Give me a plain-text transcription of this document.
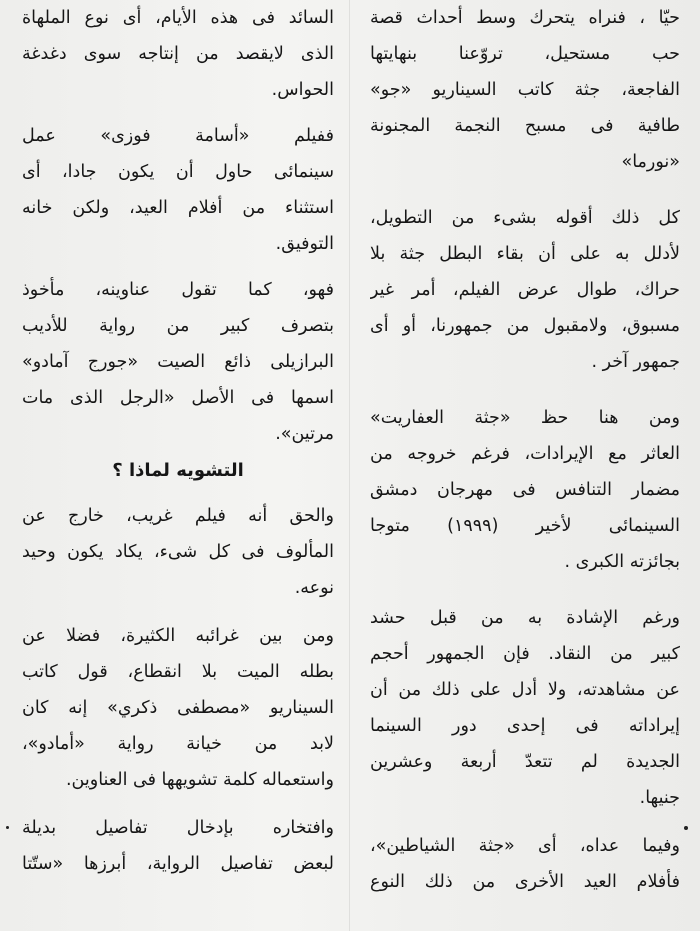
حيّا ، فنراه يتحرك وسط أحداث قصة
حب مستحيل، تروّعنا بنهايتها
الفاجعة، جثة كاتب السيناريو «جو»
طافية فى مسبح النجمة المجنونة
«نورما»
كل ذلك أقوله بشىء من التطويل،
لأدلل به على أن بقاء البطل جثة بلا
حراك، طوال عرض الفيلم، أمر غير
مسبوق، ولامقبول من جمهورنا، أو أى
جمهور آخر .
ومن هنا حظ «جثة العفاريت»
العاثر مع الإيرادات، فرغم خروجه من
مضمار التنافس فى مهرجان دمشق
السينمائى لأخير (١٩٩٩) متوجا
بجائزته الكبرى .
ورغم الإشادة به من قبل حشد
كبير من النقاد. فإن الجمهور أحجم
عن مشاهدته، ولا أدل على ذلك من أن
إيراداته فى إحدى دور السينما
الجديدة لم تتعدّ أربعة وعشرين
جنيها.
وفيما عداه، أى «جثة الشياطين»،
فأفلام العيد الأخرى من ذلك النوع
السائد فى هذه الأيام، أى نوع الملهاة
الذى لايقصد من إنتاجه سوى دغدغة
الحواس.
ففيلم «أسامة فوزى» عمل
سينمائى حاول أن يكون جادا، أى
استثناء من أفلام العيد، ولكن خانه
التوفيق.
فهو، كما تقول عناوينه، مأخوذ
بتصرف كبير من رواية للأديب
البرازيلى ذائع الصيت «جورج آمادو»
اسمها فى الأصل «الرجل الذى مات
مرتين».
التشويه لماذا ؟
والحق أنه فيلم غريب، خارج عن
المألوف فى كل شىء، يكاد يكون وحيد
نوعه.
ومن بين غرائبه الكثيرة، فضلا عن
بطله الميت بلا انقطاع، قول كاتب
السيناريو «مصطفى ذكري» إنه كان
لابد من خيانة رواية «أمادو»،
واستعماله كلمة تشويهها فى العناوين.
وافتخاره بإدخال تفاصيل بديلة
لبعض تفاصيل الرواية، أبرزها «ستّتا
